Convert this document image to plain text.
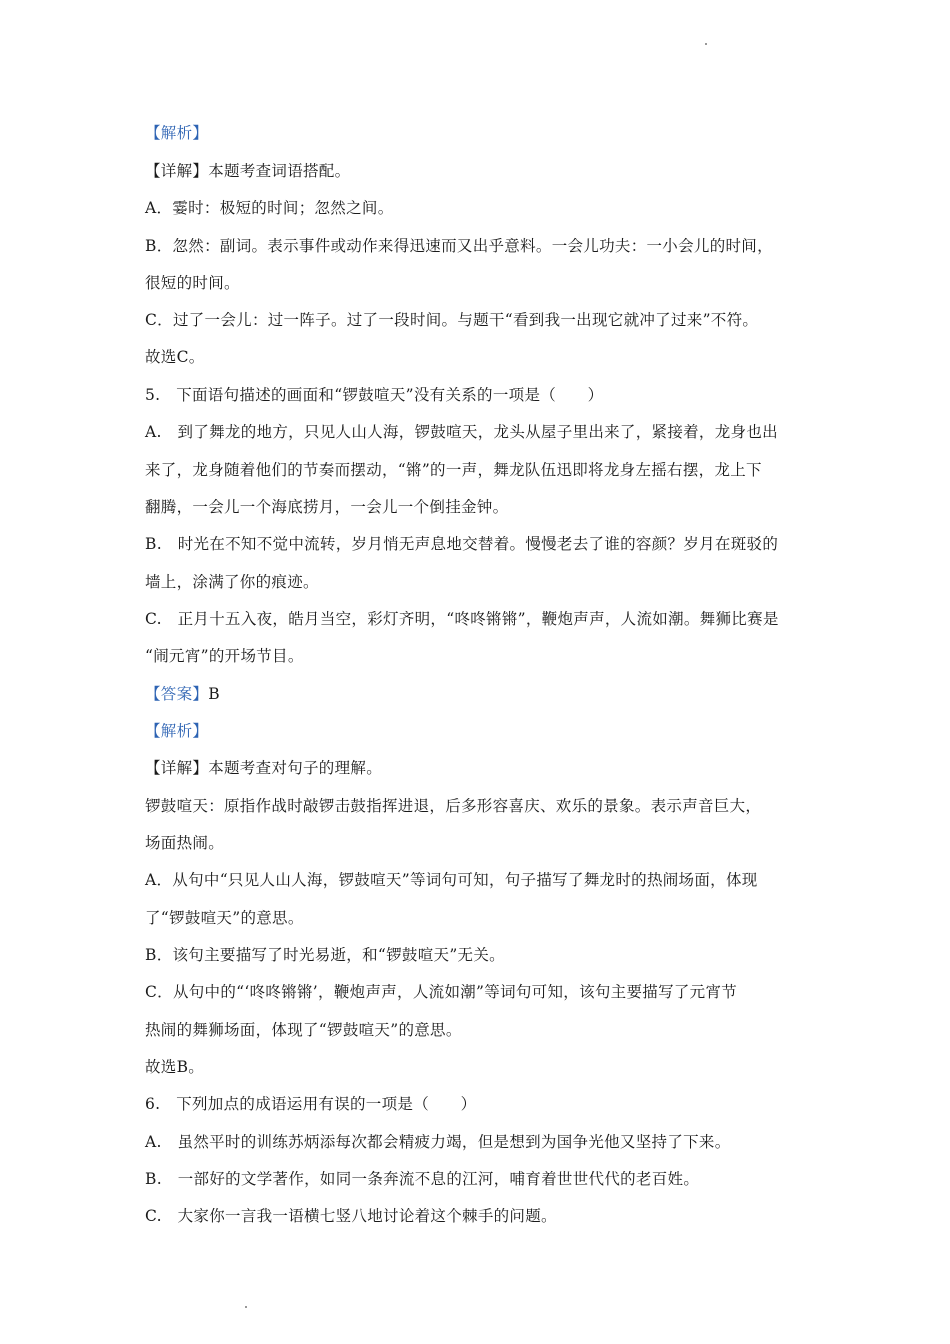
【解析】
【详解】本题考查词语搭配。
A．霎时：极短的时间；忽然之间。
B．忽然：副词。表示事件或动作来得迅速而又出乎意料。一会儿功夫：一小会儿的时间，
很短的时间。
C．过了一会儿：过一阵子。过了一段时间。与题干“看到我一出现它就冲了过来”不符。
故选C。
5.　下面语句描述的画面和“锣鼓喧天”没有关系的一项是（　　）
A.　到了舞龙的地方，只见人山人海，锣鼓喧天，龙头从屋子里出来了，紧接着，龙身也出
来了，龙身随着他们的节奏而摆动，“锵”的一声，舞龙队伍迅即将龙身左摇右摆，龙上下
翻腾，一会儿一个海底捞月，一会儿一个倒挂金钟。
B.　时光在不知不觉中流转，岁月悄无声息地交替着。慢慢老去了谁的容颜？岁月在斑驳的
墙上，涂满了你的痕迹。
C.　正月十五入夜，皓月当空，彩灯齐明，“咚咚锵锵”，鞭炮声声，人流如潮。舞狮比赛是
“闹元宵”的开场节目。
【答案】B
【解析】
【详解】本题考查对句子的理解。
锣鼓喧天：原指作战时敲锣击鼓指挥进退，后多形容喜庆、欢乐的景象。表示声音巨大，
场面热闹。
A．从句中“只见人山人海，锣鼓喧天”等词句可知，句子描写了舞龙时的热闹场面，体现
了“锣鼓喧天”的意思。
B．该句主要描写了时光易逝，和“锣鼓喧天”无关。
C．从句中的“‘咚咚锵锵’，鞭炮声声，人流如潮”等词句可知，该句主要描写了元宵节
热闹的舞狮场面，体现了“锣鼓喧天”的意思。
故选B。
6.　下列加点的成语运用有误的一项是（　　）
A.　虽然平时的训练苏炳添每次都会精疲力竭，但是想到为国争光他又坚持了下来。
B.　一部好的文学著作，如同一条奔流不息的江河，哺育着世世代代的老百姓。
C.　大家你一言我一语横七竖八地讨论着这个棘手的问题。
